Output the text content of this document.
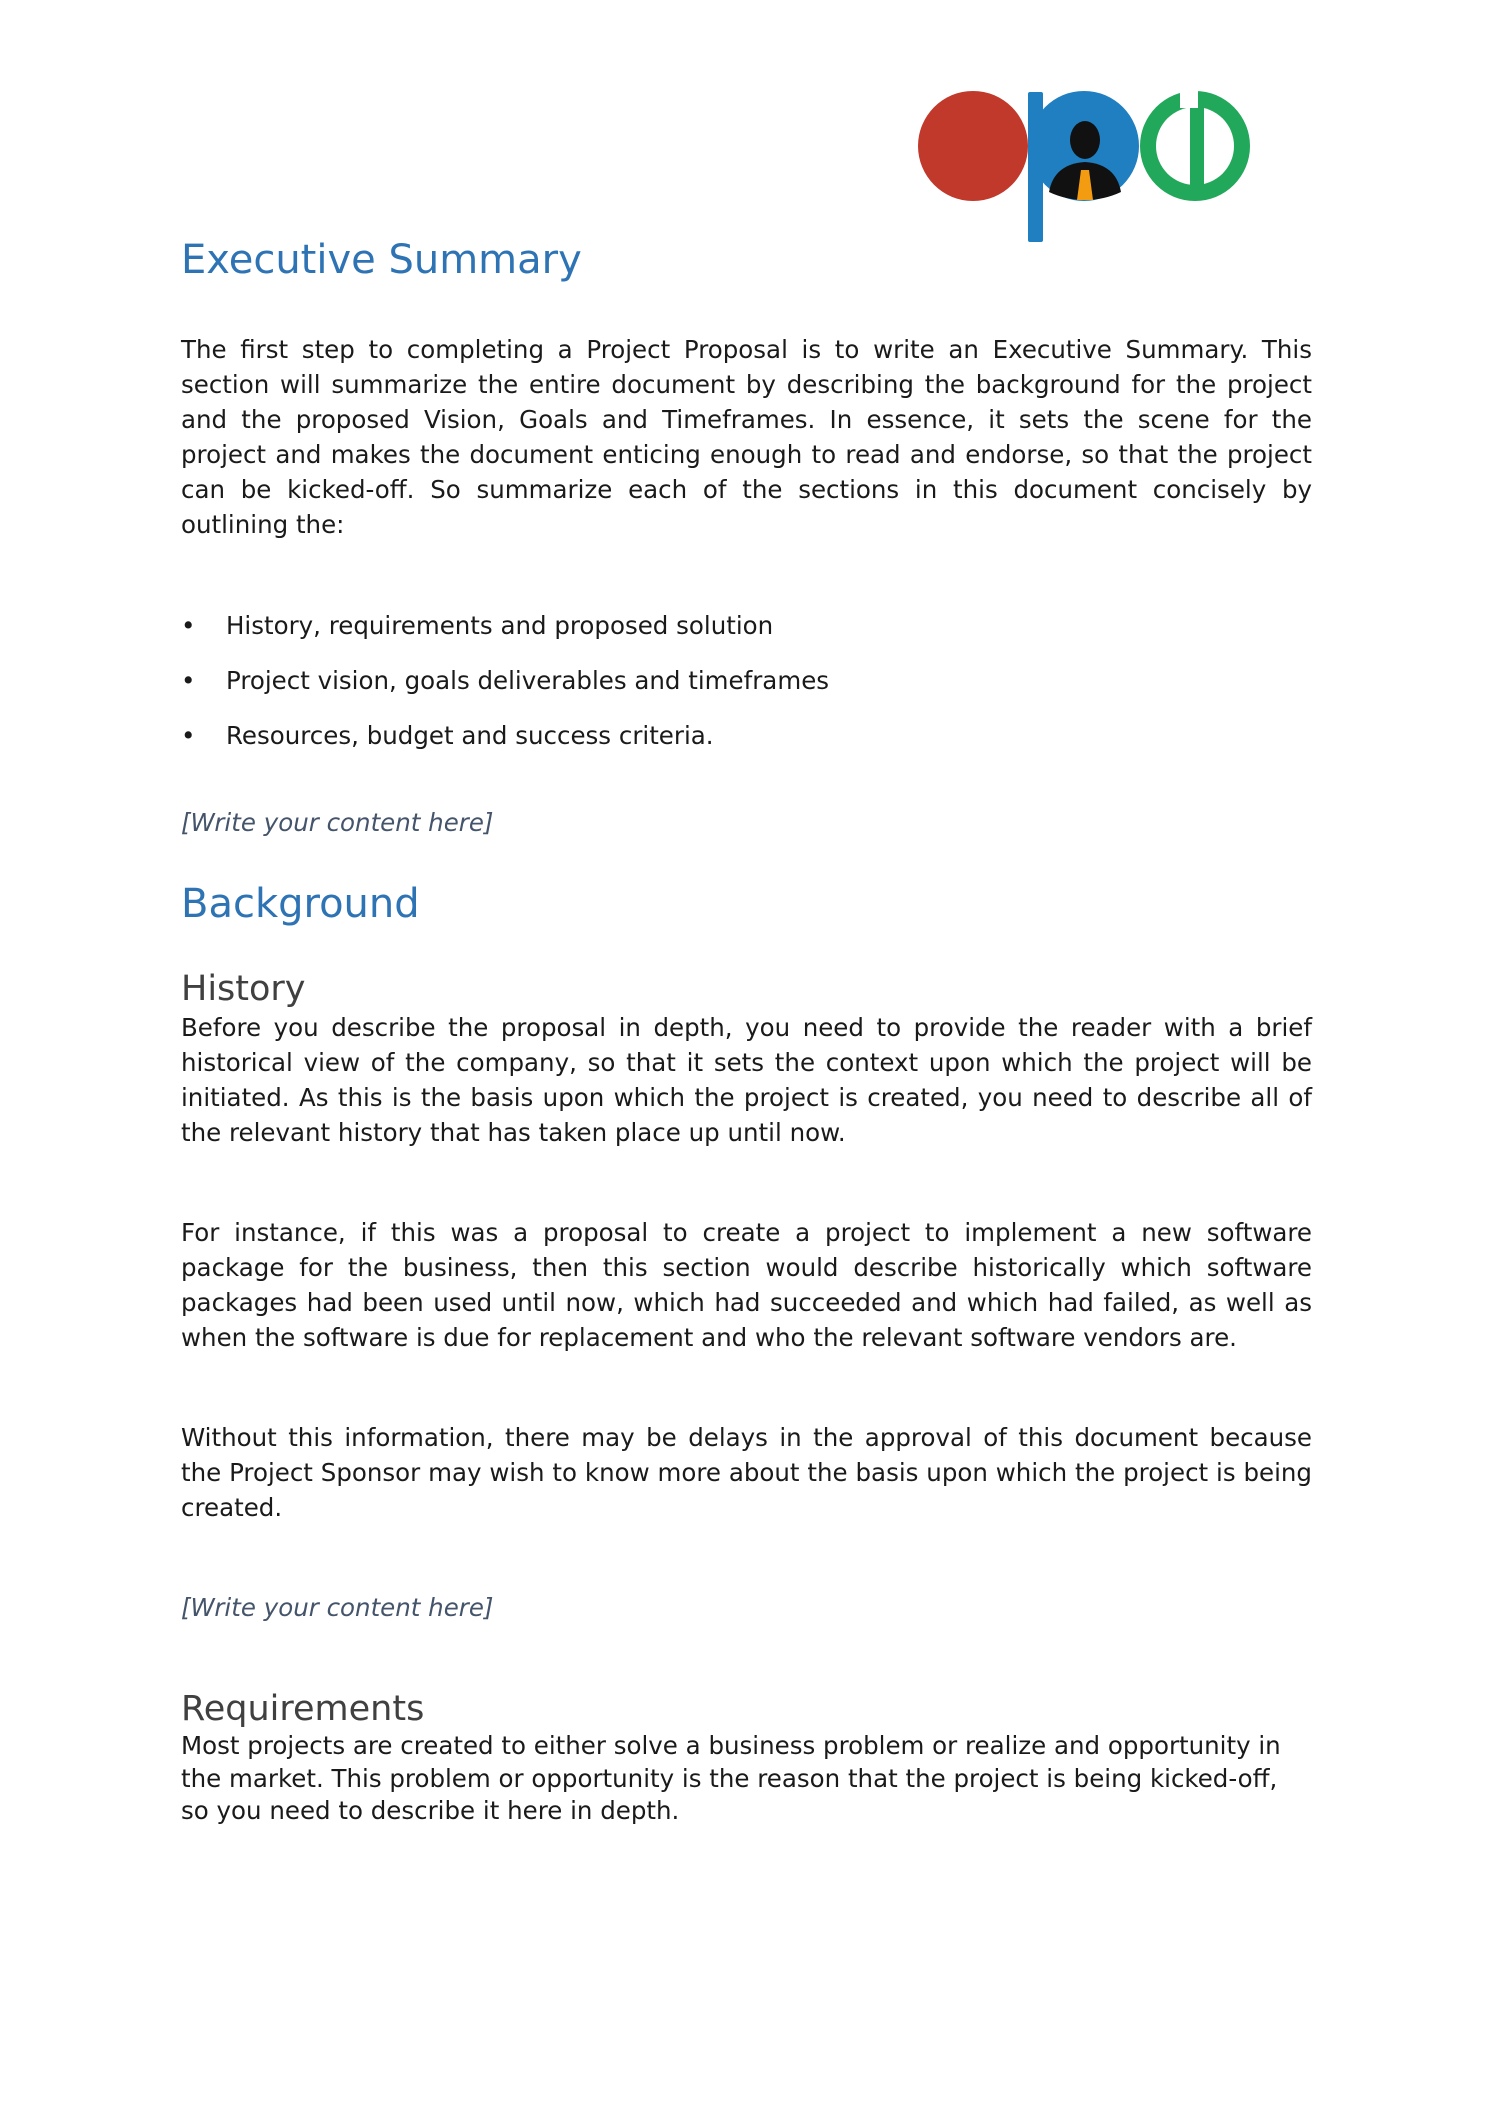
Executive Summary

The first step to completing a Project Proposal is to write an Executive Summary. This section will summarize the entire document by describing the background for the project and the proposed Vision, Goals and Timeframes. In essence, it sets the scene for the project and makes the document enticing enough to read and endorse, so that the project can be kicked-off. So summarize each of the sections in this document concisely by outlining the:

• History, requirements and proposed solution
• Project vision, goals deliverables and timeframes
• Resources, budget and success criteria.

[Write your content here]

Background
History

Before you describe the proposal in depth, you need to provide the reader with a brief historical view of the company, so that it sets the context upon which the project will be initiated. As this is the basis upon which the project is created, you need to describe all of the relevant history that has taken place up until now.

For instance, if this was a proposal to create a project to implement a new software package for the business, then this section would describe historically which software packages had been used until now, which had succeeded and which had failed, as well as when the software is due for replacement and who the relevant software vendors are.

Without this information, there may be delays in the approval of this document because the Project Sponsor may wish to know more about the basis upon which the project is being created.

[Write your content here]

Requirements

Most projects are created to either solve a business problem or realize and opportunity in the market. This problem or opportunity is the reason that the project is being kicked-off, so you need to describe it here in depth.
